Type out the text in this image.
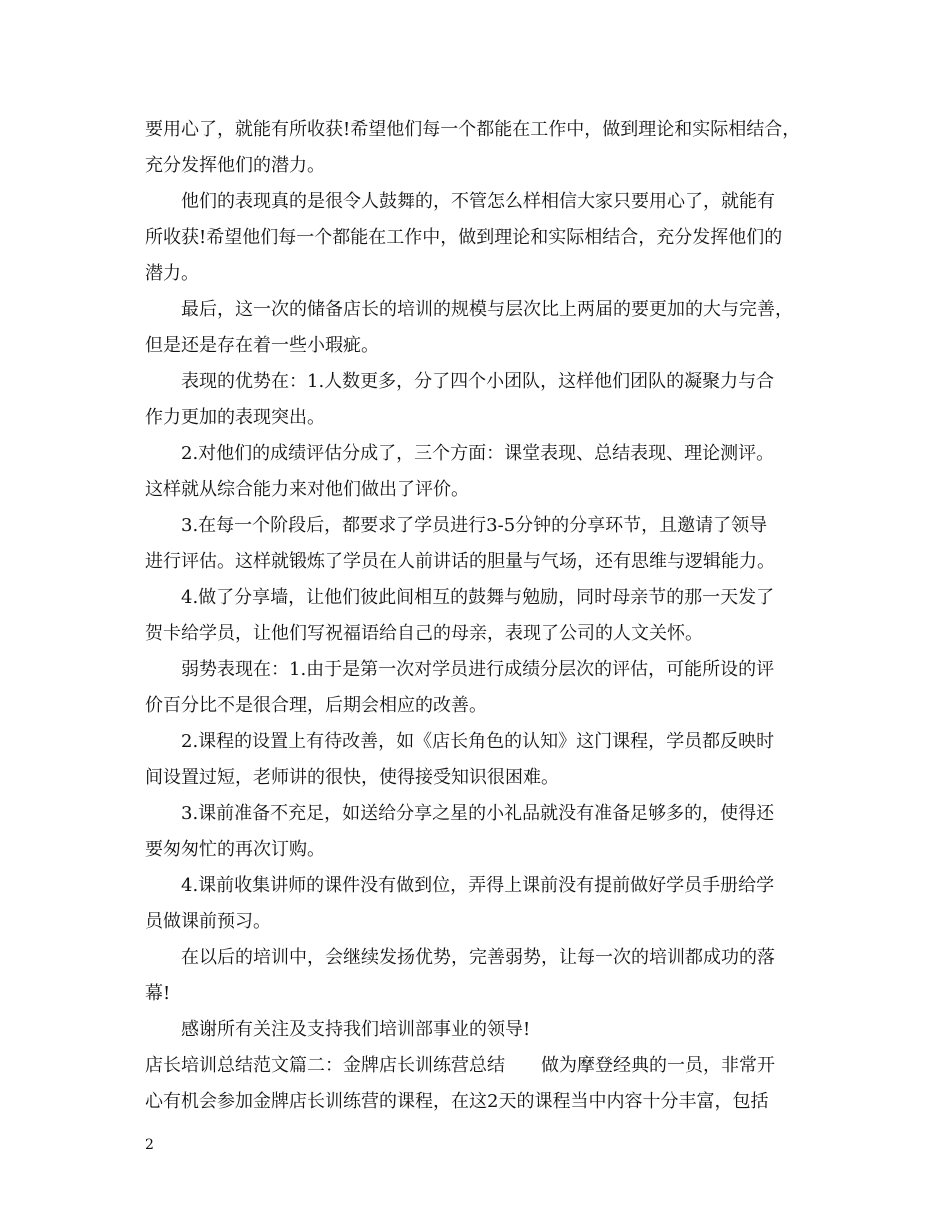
要用心了，就能有所收获!希望他们每一个都能在工作中，做到理论和实际相结合，
充分发挥他们的潜力。
他们的表现真的是很令人鼓舞的，不管怎么样相信大家只要用心了，就能有
所收获!希望他们每一个都能在工作中，做到理论和实际相结合，充分发挥他们的
潜力。
最后，这一次的储备店长的培训的规模与层次比上两届的要更加的大与完善，
但是还是存在着一些小瑕疵。
表现的优势在：1.人数更多，分了四个小团队，这样他们团队的凝聚力与合
作力更加的表现突出。
2.对他们的成绩评估分成了，三个方面：课堂表现、总结表现、理论测评。
这样就从综合能力来对他们做出了评价。
3.在每一个阶段后，都要求了学员进行3-5分钟的分享环节，且邀请了领导
进行评估。这样就锻炼了学员在人前讲话的胆量与气场，还有思维与逻辑能力。
4.做了分享墙，让他们彼此间相互的鼓舞与勉励，同时母亲节的那一天发了
贺卡给学员，让他们写祝福语给自己的母亲，表现了公司的人文关怀。
弱势表现在：1.由于是第一次对学员进行成绩分层次的评估，可能所设的评
价百分比不是很合理，后期会相应的改善。
2.课程的设置上有待改善，如《店长角色的认知》这门课程，学员都反映时
间设置过短，老师讲的很快，使得接受知识很困难。
3.课前准备不充足，如送给分享之星的小礼品就没有准备足够多的，使得还
要匆匆忙的再次订购。
4.课前收集讲师的课件没有做到位，弄得上课前没有提前做好学员手册给学
员做课前预习。
在以后的培训中，会继续发扬优势，完善弱势，让每一次的培训都成功的落
幕!
感谢所有关注及支持我们培训部事业的领导!
店长培训总结范文篇二：金牌店长训练营总结　　做为摩登经典的一员，非常开
心有机会参加金牌店长训练营的课程，在这2天的课程当中内容十分丰富，包括
2
